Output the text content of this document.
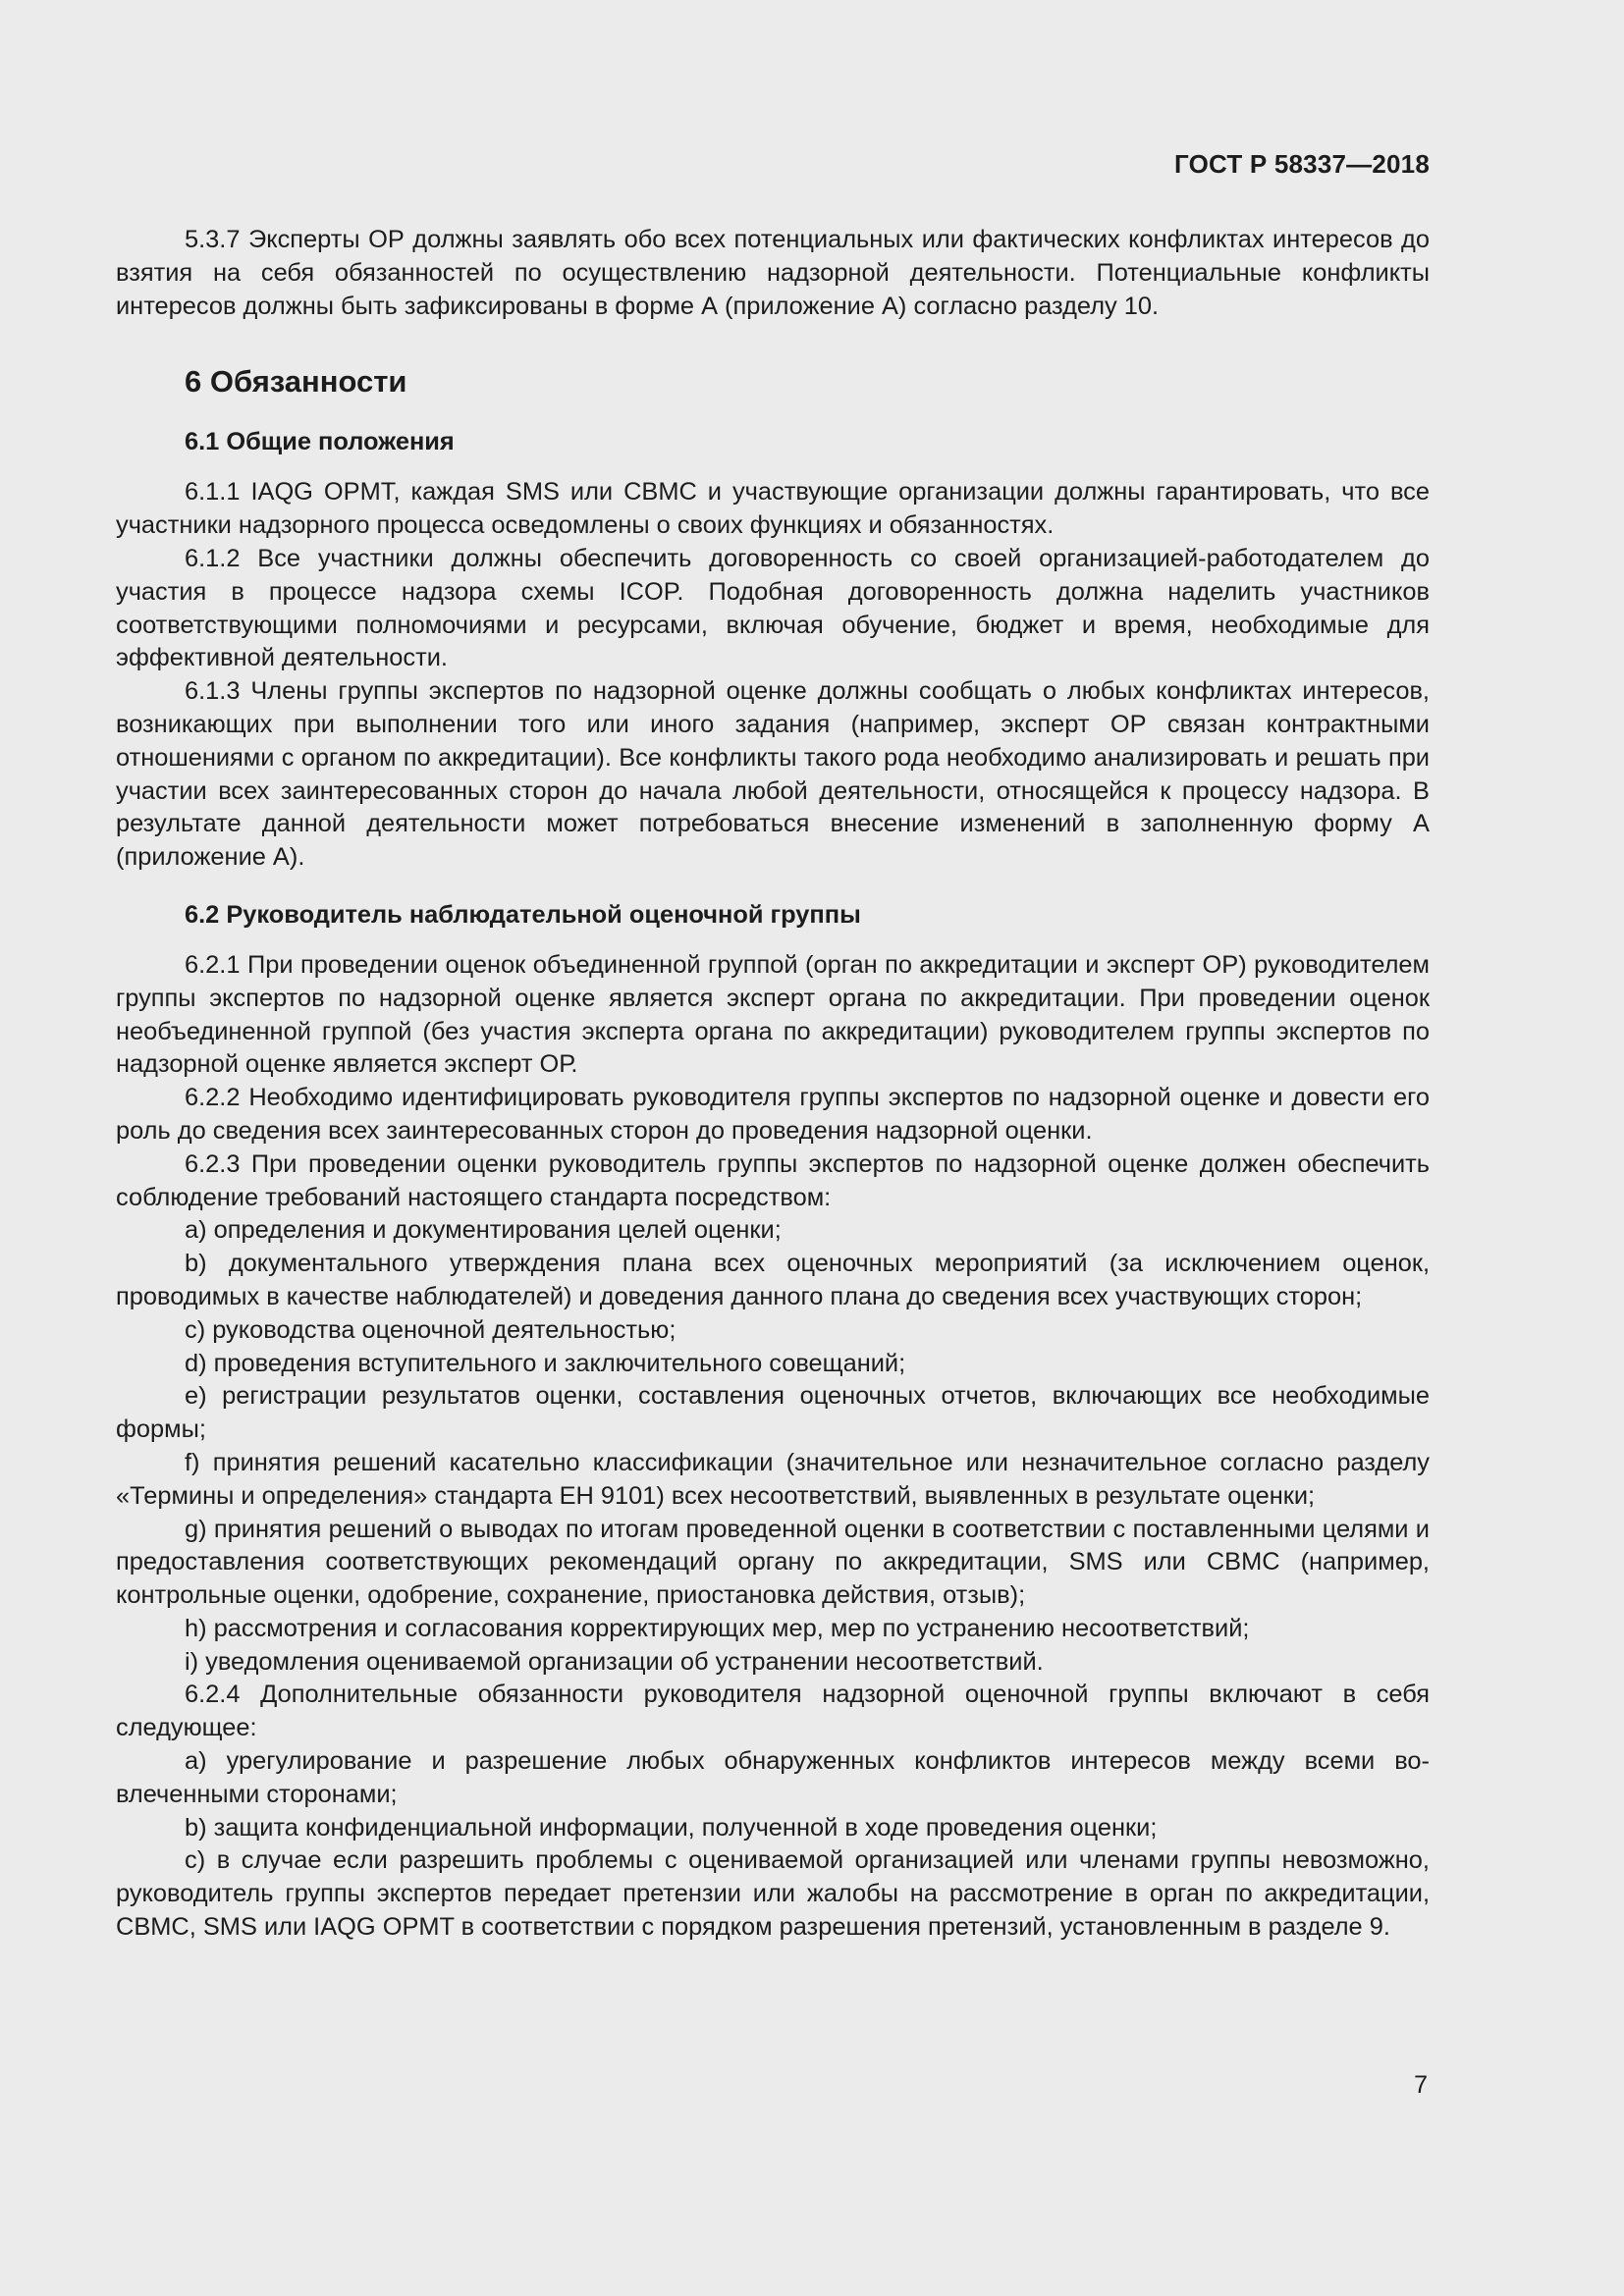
ГОСТ Р 58337—2018

5.3.7 Эксперты ОР должны заявлять обо всех потенциальных или фактических конфликтах интересов до взятия на себя обязанностей по осуществлению надзорной деятельности. Потенциальные конфликты интересов должны быть зафиксированы в форме А (приложение А) согласно разделу 10.

6 Обязанности
6.1 Общие положения

6.1.1 IAQG OPMT, каждая SMS или CBMC и участвующие организации должны гарантировать, что все участники надзорного процесса осведомлены о своих функциях и обязанностях.

6.1.2 Все участники должны обеспечить договоренность со своей организацией-работодателем до участия в процессе надзора схемы ICOP. Подобная договоренность должна наделить участников соответствующими полномочиями и ресурсами, включая обучение, бюджет и время, необходимые для эффективной деятельности.

6.1.3 Члены группы экспертов по надзорной оценке должны сообщать о любых конфликтах интересов, возникающих при выполнении того или иного задания (например, эксперт ОР связан контрактными отношениями с органом по аккредитации). Все конфликты такого рода необходимо анализировать и решать при участии всех заинтересованных сторон до начала любой деятельности, относящейся к процессу надзора. В результате данной деятельности может потребоваться внесение изменений в заполненную форму А (приложение А).

6.2 Руководитель наблюдательной оценочной группы

6.2.1 При проведении оценок объединенной группой (орган по аккредитации и эксперт ОР) руководителем группы экспертов по надзорной оценке является эксперт органа по аккредитации. При проведении оценок необъединенной группой (без участия эксперта органа по аккредитации) руководителем группы экспертов по надзорной оценке является эксперт ОР.

6.2.2 Необходимо идентифицировать руководителя группы экспертов по надзорной оценке и довести его роль до сведения всех заинтересованных сторон до проведения надзорной оценки.

6.2.3 При проведении оценки руководитель группы экспертов по надзорной оценке должен обеспечить соблюдение требований настоящего стандарта посредством:

a) определения и документирования целей оценки;

b) документального утверждения плана всех оценочных мероприятий (за исключением оценок, проводимых в качестве наблюдателей) и доведения данного плана до сведения всех участвующих сторон;

c) руководства оценочной деятельностью;

d) проведения вступительного и заключительного совещаний;

e) регистрации результатов оценки, составления оценочных отчетов, включающих все необходимые формы;

f) принятия решений касательно классификации (значительное или незначительное согласно разделу «Термины и определения» стандарта ЕН 9101) всех несоответствий, выявленных в результате оценки;

g) принятия решений о выводах по итогам проведенной оценки в соответствии с поставленными целями и предоставления соответствующих рекомендаций органу по аккредитации, SMS или CBMC (например, контрольные оценки, одобрение, сохранение, приостановка действия, отзыв);

h) рассмотрения и согласования корректирующих мер, мер по устранению несоответствий;

i) уведомления оцениваемой организации об устранении несоответствий.

6.2.4 Дополнительные обязанности руководителя надзорной оценочной группы включают в себя следующее:

a) урегулирование и разрешение любых обнаруженных конфликтов интересов между всеми вовлеченными сторонами;

b) защита конфиденциальной информации, полученной в ходе проведения оценки;

c) в случае если разрешить проблемы с оцениваемой организацией или членами группы невозможно, руководитель группы экспертов передает претензии или жалобы на рассмотрение в орган по аккредитации, CBMC, SMS или IAQG OPMT в соответствии с порядком разрешения претензий, установленным в разделе 9.

7
